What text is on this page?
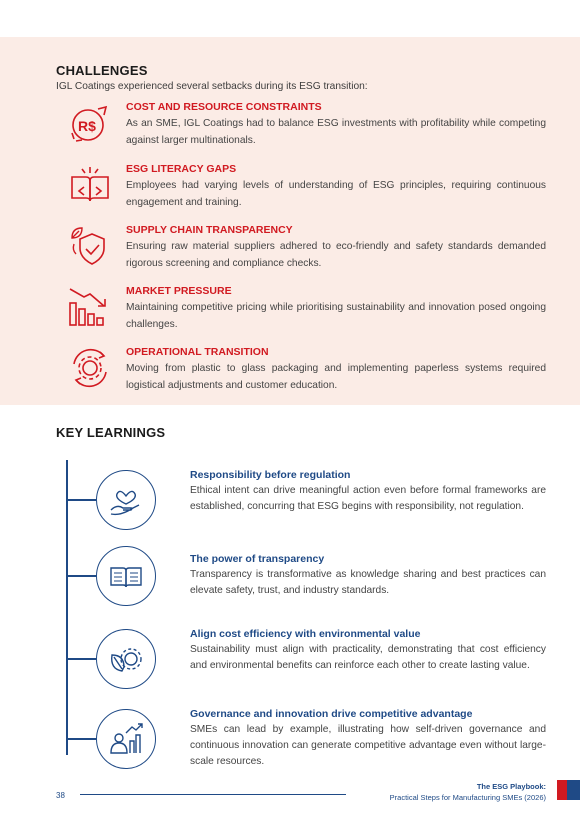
CHALLENGES
IGL Coatings experienced several setbacks during its ESG transition:
R$
COST AND RESOURCE CONSTRAINTS
As an SME, IGL Coatings had to balance ESG investments with profitability while competing against larger multinationals.
ESG LITERACY GAPS
Employees had varying levels of understanding of ESG principles, requiring continuous engagement and training.
SUPPLY CHAIN TRANSPARENCY
Ensuring raw material suppliers adhered to eco-friendly and safety standards demanded rigorous screening and compliance checks.
MARKET PRESSURE
Maintaining competitive pricing while prioritising sustainability and innovation posed ongoing challenges.
OPERATIONAL TRANSITION
Moving from plastic to glass packaging and implementing paperless systems required logistical adjustments and customer education.
KEY LEARNINGS
Responsibility before regulation
Ethical intent can drive meaningful action even before formal frameworks are established, concurring that ESG begins with responsibility, not regulation.
The power of transparency
Transparency is transformative as knowledge sharing and best practices can elevate safety, trust, and industry standards.
Align cost efficiency with environmental value
Sustainability must align with practicality, demonstrating that cost efficiency and environmental benefits can reinforce each other to create lasting value.
Governance and innovation drive competitive advantage
SMEs can lead by example, illustrating how self-driven governance and continuous innovation can generate competitive advantage even without large-scale resources.
38
The ESG Playbook:
Practical Steps for Manufacturing SMEs (2026)
